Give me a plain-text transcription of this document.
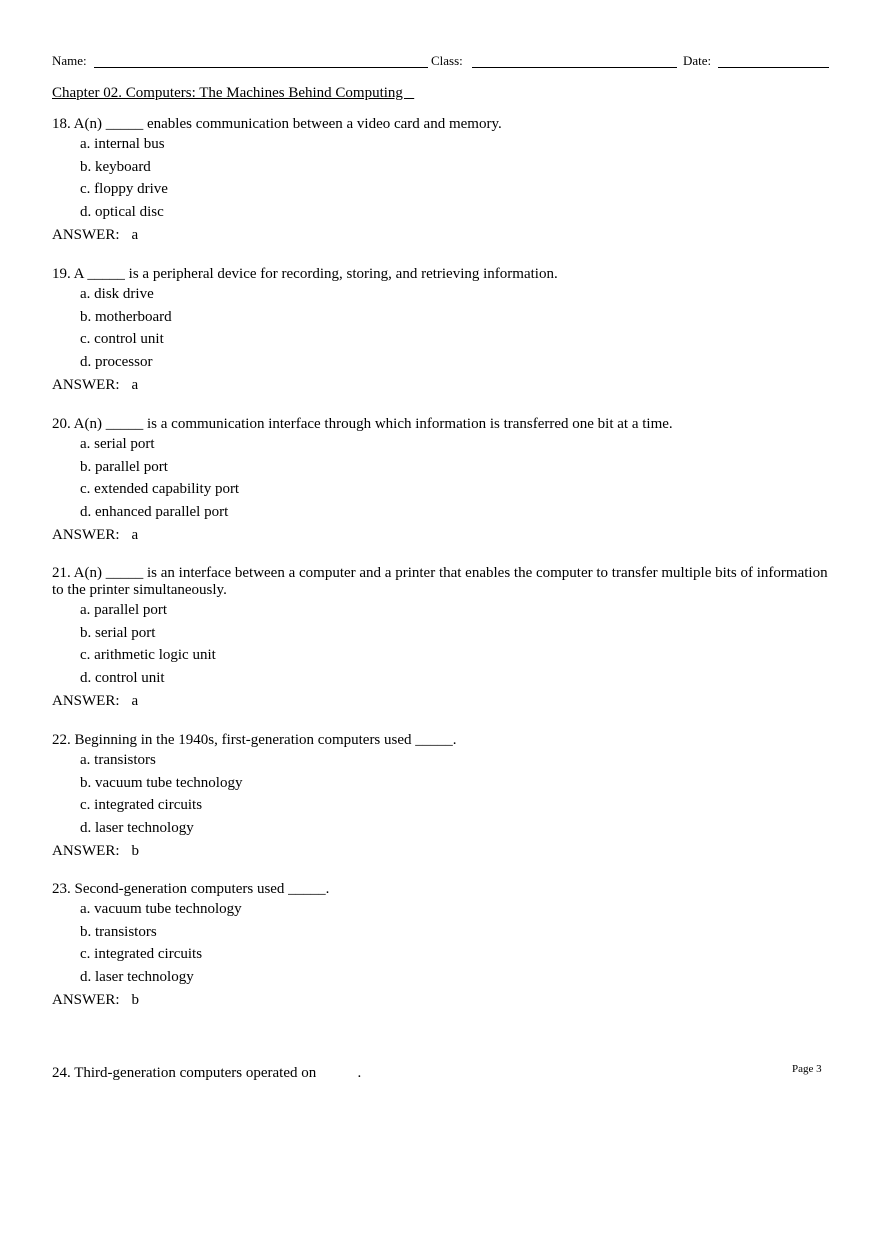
Name:	Class:	Date:
Chapter 02. Computers: The Machines Behind Computing

18. A(n) _____ enables communication between a video card and memory.

a. internal bus
b. keyboard
c. floppy drive
d. optical disc
ANSWER: a

19. A _____ is a peripheral device for recording, storing, and retrieving information.

a. disk drive
b. motherboard
c. control unit
d. processor
ANSWER: a

20. A(n) _____ is a communication interface through which information is transferred one bit at a time.

a. serial port
b. parallel port
c. extended capability port
d. enhanced parallel port
ANSWER: a

21. A(n) _____ is an interface between a computer and a printer that enables the computer to transfer multiple bits of information to the printer simultaneously.

a. parallel port
b. serial port
c. arithmetic logic unit
d. control unit
ANSWER: a

22. Beginning in the 1940s, first-generation computers used _____.

a. transistors
b. vacuum tube technology
c. integrated circuits
d. laser technology
ANSWER: b

23. Second-generation computers used _____.

a. vacuum tube technology
b. transistors
c. integrated circuits
d. laser technology
ANSWER: b

24. Third-generation computers operated on           .

	Page 3
